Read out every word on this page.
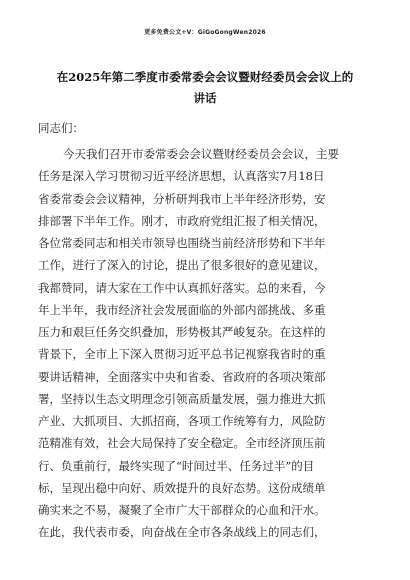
更多免费公文+V：GiGoGongWen2026
在2025年第二季度市委常委会会议暨财经委员会会议上的
讲话
同志们：
今天我们召开市委常委会会议暨财经委员会会议，主要
任务是深入学习贯彻习近平经济思想，认真落实7月18日
省委常委会会议精神，分析研判我市上半年经济形势，安
排部署下半年工作。刚才，市政府党组汇报了相关情况，
各位常委同志和相关市领导也围绕当前经济形势和下半年
工作，进行了深入的讨论，提出了很多很好的意见建议，
我都赞同，请大家在工作中认真抓好落实。总的来看，今
年上半年，我市经济社会发展面临的外部内部挑战、多重
压力和艰巨任务交织叠加，形势极其严峻复杂。在这样的
背景下，全市上下深入贯彻习近平总书记视察我省时的重
要讲话精神，全面落实中央和省委、省政府的各项决策部
署，坚持以生态文明理念引领高质量发展，强力推进大抓
产业、大抓项目、大抓招商，各项工作统筹有力，风险防
范精准有效，社会大局保持了安全稳定。全市经济顶压前
行、负重前行，最终实现了“时间过半、任务过半”的目
标，呈现出稳中向好、质效提升的良好态势。这份成绩单
确实来之不易，凝聚了全市广大干部群众的心血和汗水。
在此，我代表市委，向奋战在全市各条战线上的同志们，
